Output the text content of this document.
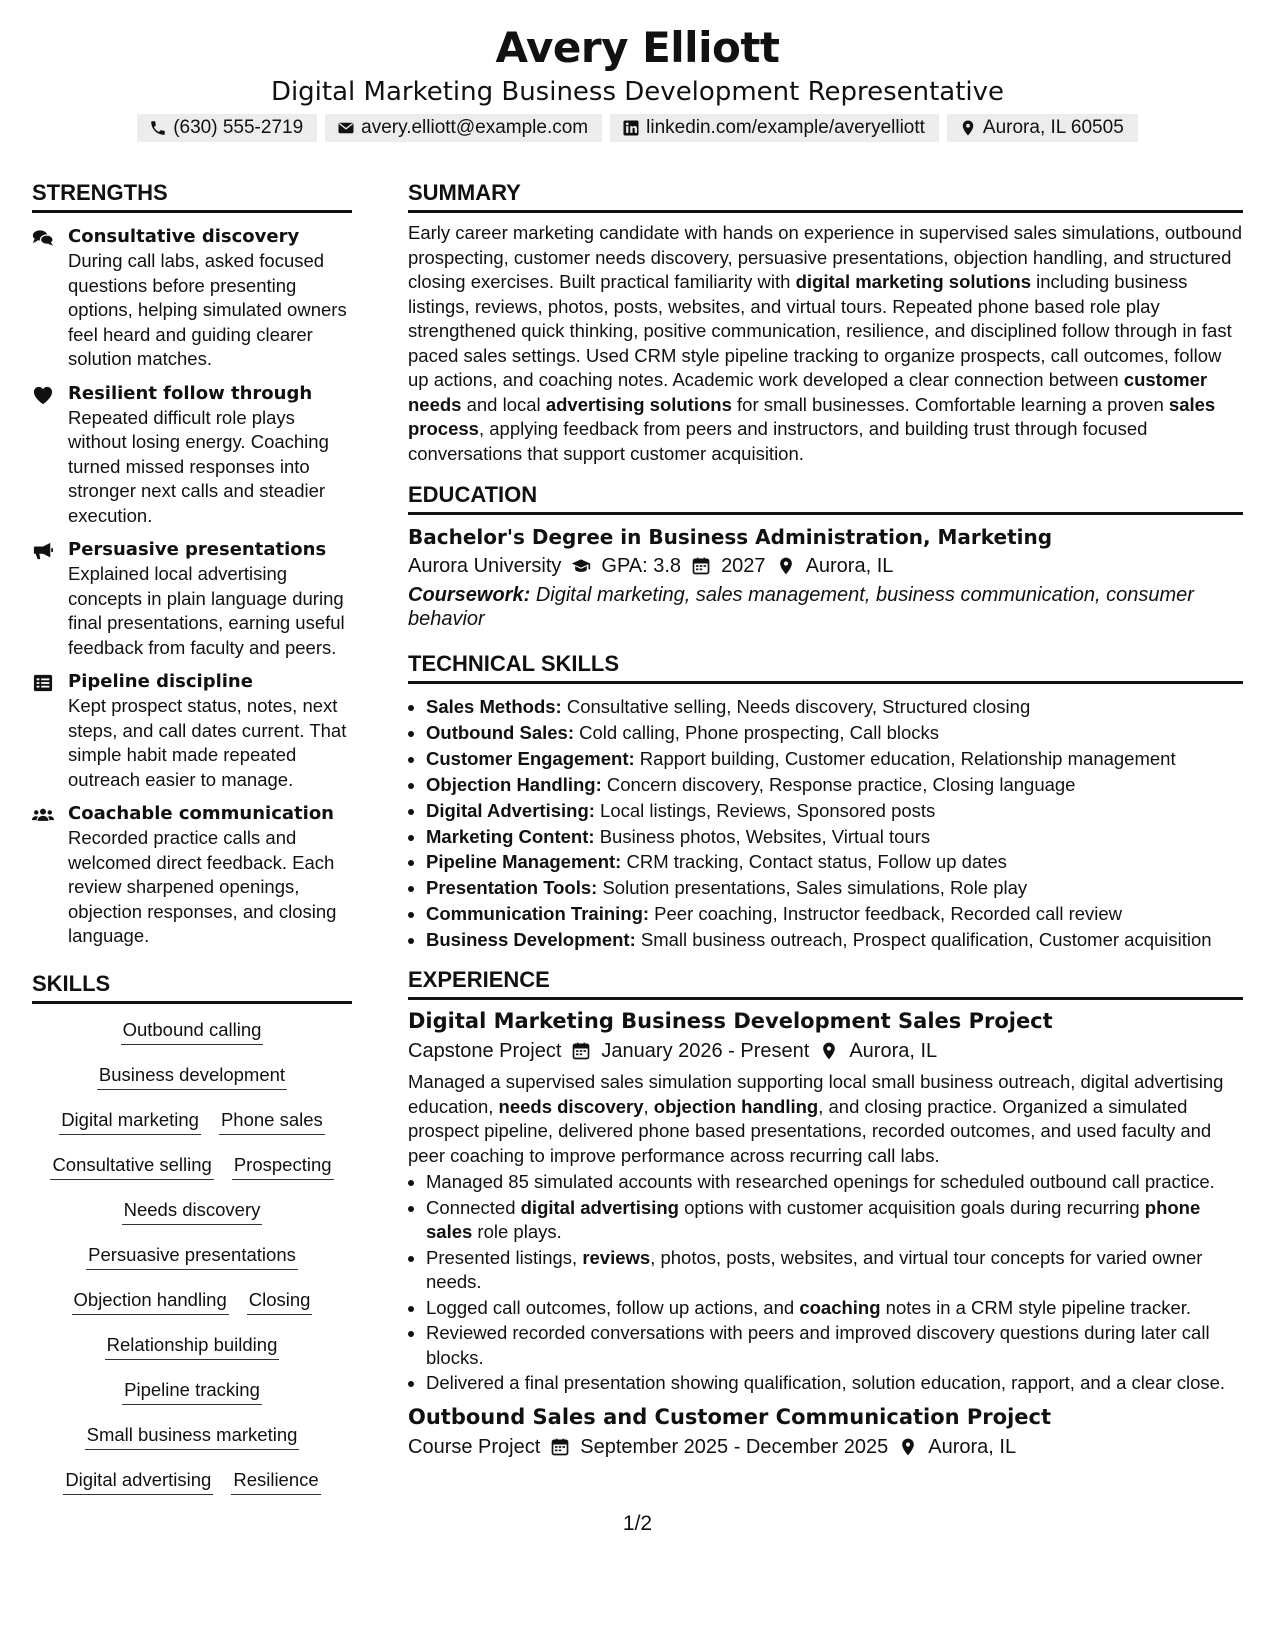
Avery Elliott
Digital Marketing Business Development Representative
(630) 555-2719	avery.elliott@example.com	linkedin.com/example/averyelliott	Aurora, IL 60505
STRENGTHS
Consultative discovery
During call labs, asked focused questions before presenting options, helping simulated owners feel heard and guiding clearer solution matches.
Resilient follow through
Repeated difficult role plays without losing energy. Coaching turned missed responses into stronger next calls and steadier execution.
Persuasive presentations
Explained local advertising concepts in plain language during final presentations, earning useful feedback from faculty and peers.
Pipeline discipline
Kept prospect status, notes, next steps, and call dates current. That simple habit made repeated outreach easier to manage.
Coachable communication
Recorded practice calls and welcomed direct feedback. Each review sharpened openings, objection responses, and closing language.
SKILLS
Outbound calling
Business development
Digital marketing Phone sales
Consultative selling Prospecting
Needs discovery
Persuasive presentations
Objection handling Closing
Relationship building
Pipeline tracking
Small business marketing
Digital advertising Resilience
SUMMARY

Early career marketing candidate with hands on experience in supervised sales simulations, outbound prospecting, customer needs discovery, persuasive presentations, objection handling, and structured closing exercises. Built practical familiarity with digital marketing solutions including business listings, reviews, photos, posts, websites, and virtual tours. Repeated phone based role play strengthened quick thinking, positive communication, resilience, and disciplined follow through in fast paced sales settings. Used CRM style pipeline tracking to organize prospects, call outcomes, follow up actions, and coaching notes. Academic work developed a clear connection between customer needs and local advertising solutions for small businesses. Comfortable learning a proven sales process, applying feedback from peers and instructors, and building trust through focused conversations that support customer acquisition.

EDUCATION
Bachelor's Degree in Business Administration, Marketing
Aurora University GPA: 3.8 2027 Aurora, IL
Coursework: Digital marketing, sales management, business communication, consumer behavior
TECHNICAL SKILLS
• Sales Methods: Consultative selling, Needs discovery, Structured closing
• Outbound Sales: Cold calling, Phone prospecting, Call blocks
• Customer Engagement: Rapport building, Customer education, Relationship management
• Objection Handling: Concern discovery, Response practice, Closing language
• Digital Advertising: Local listings, Reviews, Sponsored posts
• Marketing Content: Business photos, Websites, Virtual tours
• Pipeline Management: CRM tracking, Contact status, Follow up dates
• Presentation Tools: Solution presentations, Sales simulations, Role play
• Communication Training: Peer coaching, Instructor feedback, Recorded call review
• Business Development: Small business outreach, Prospect qualification, Customer acquisition
EXPERIENCE
Digital Marketing Business Development Sales Project
Capstone Project January 2026 - Present Aurora, IL

Managed a supervised sales simulation supporting local small business outreach, digital advertising education, needs discovery, objection handling, and closing practice. Organized a simulated prospect pipeline, delivered phone based presentations, recorded outcomes, and used faculty and peer coaching to improve performance across recurring call labs.

• Managed 85 simulated accounts with researched openings for scheduled outbound call practice.
• Connected digital advertising options with customer acquisition goals during recurring phone sales role plays.
• Presented listings, reviews, photos, posts, websites, and virtual tour concepts for varied owner needs.
• Logged call outcomes, follow up actions, and coaching notes in a CRM style pipeline tracker.
• Reviewed recorded conversations with peers and improved discovery questions during later call blocks.
• Delivered a final presentation showing qualification, solution education, rapport, and a clear close.
Outbound Sales and Customer Communication Project
Course Project September 2025 - December 2025 Aurora, IL
1/2
